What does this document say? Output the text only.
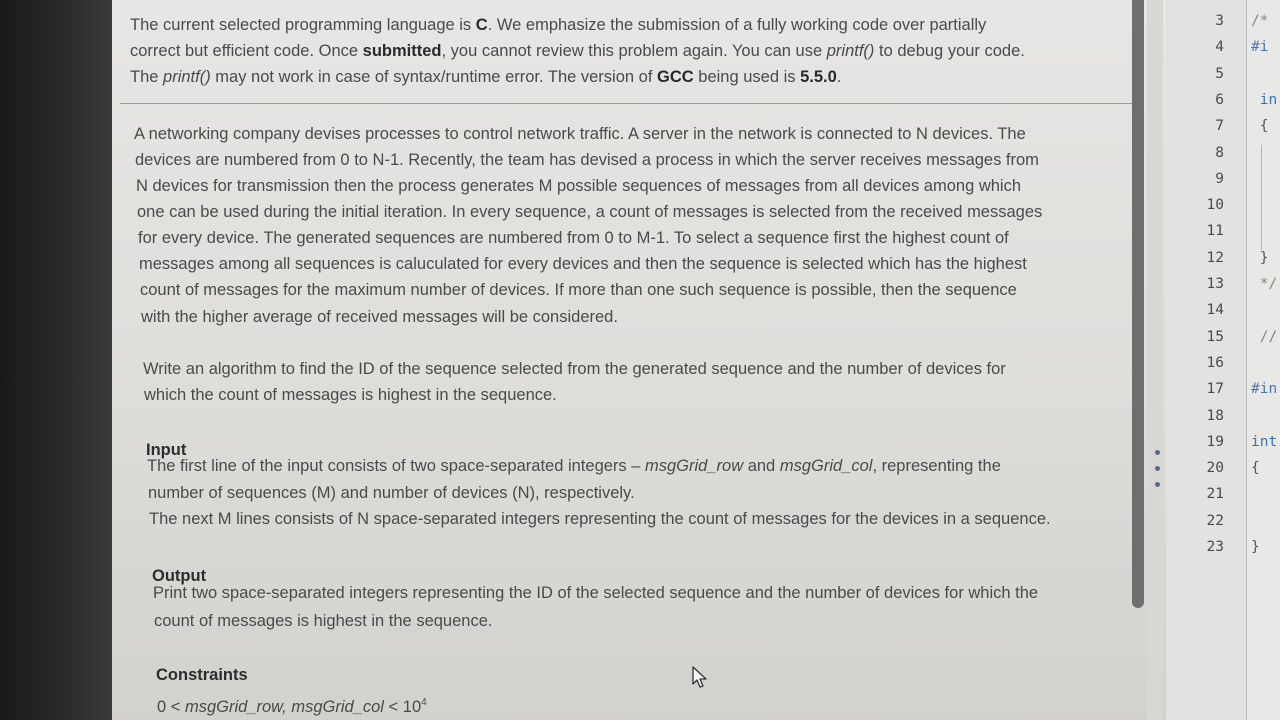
The current selected programming language is C. We emphasize the submission of a fully working code over partially

correct but efficient code. Once submitted, you cannot review this problem again. You can use printf() to debug your code.

The printf() may not work in case of syntax/runtime error. The version of GCC being used is 5.5.0.

A networking company devises processes to control network traffic. A server in the network is connected to N devices. The

devices are numbered from 0 to N-1. Recently, the team has devised a process in which the server receives messages from

N devices for transmission then the process generates M possible sequences of messages from all devices among which

one can be used during the initial iteration. In every sequence, a count of messages is selected from the received messages

for every device. The generated sequences are numbered from 0 to M-1. To select a sequence first the highest count of

messages among all sequences is caluculated for every devices and then the sequence is selected which has the highest

count of messages for the maximum number of devices. If more than one such sequence is possible, then the sequence

with the higher average of received messages will be considered.

Write an algorithm to find the ID of the sequence selected from the generated sequence and the number of devices for

which the count of messages is highest in the sequence.

Input

The first line of the input consists of two space-separated integers – msgGrid_row and msgGrid_col, representing the

number of sequences (M) and number of devices (N), respectively.

The next M lines consists of N space-separated integers representing the count of messages for the devices in a sequence.

Output

Print two space-separated integers representing the ID of the selected sequence and the number of devices for which the

count of messages is highest in the sequence.

Constraints

0 < msgGrid_row, msgGrid_col < $10^4$

3
4
5
6
7
8
9
10
11
12
13
14
15
16
17
18
19
20
21
22
23
/*
#i
in
{
}
*/
//
#in
int
{
}
